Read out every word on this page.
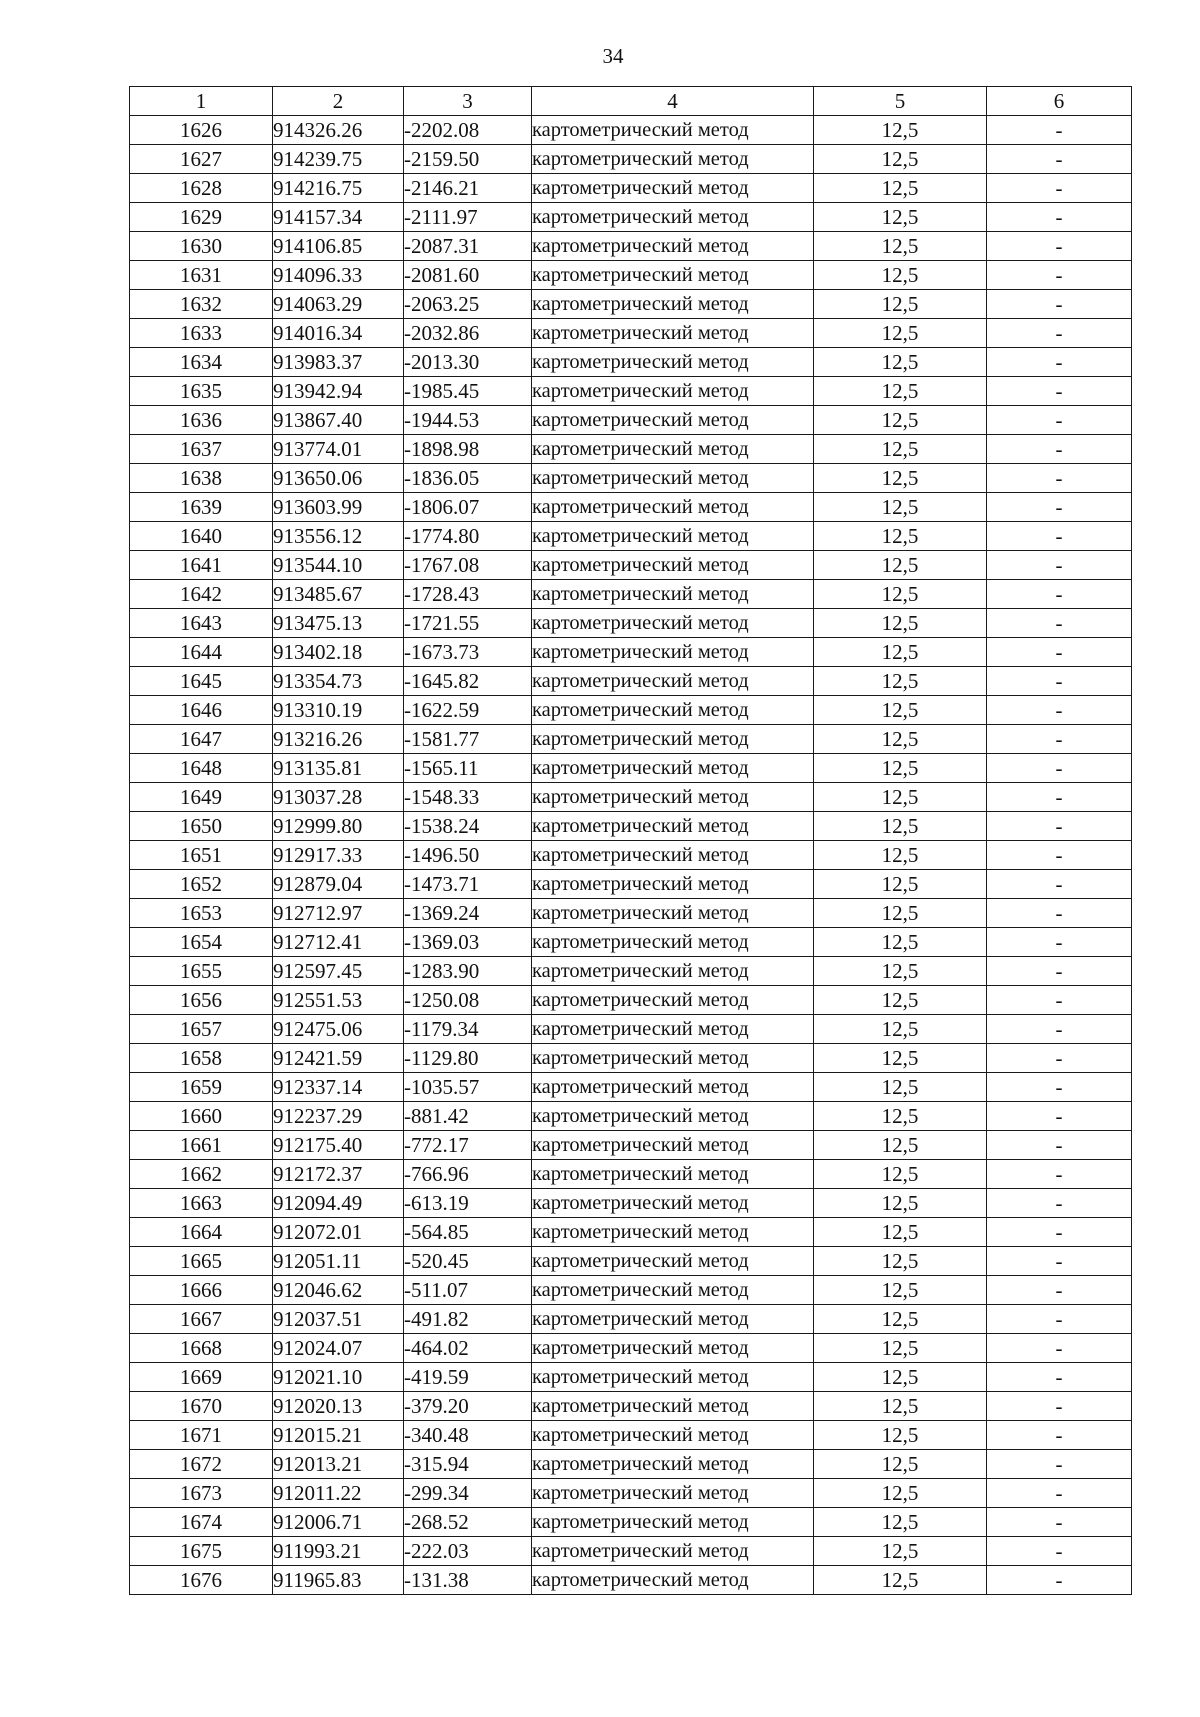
34
1	2	3	4	5	6
1626	914326.26	-2202.08	картометрический метод	12,5	-
1627	914239.75	-2159.50	картометрический метод	12,5	-
1628	914216.75	-2146.21	картометрический метод	12,5	-
1629	914157.34	-2111.97	картометрический метод	12,5	-
1630	914106.85	-2087.31	картометрический метод	12,5	-
1631	914096.33	-2081.60	картометрический метод	12,5	-
1632	914063.29	-2063.25	картометрический метод	12,5	-
1633	914016.34	-2032.86	картометрический метод	12,5	-
1634	913983.37	-2013.30	картометрический метод	12,5	-
1635	913942.94	-1985.45	картометрический метод	12,5	-
1636	913867.40	-1944.53	картометрический метод	12,5	-
1637	913774.01	-1898.98	картометрический метод	12,5	-
1638	913650.06	-1836.05	картометрический метод	12,5	-
1639	913603.99	-1806.07	картометрический метод	12,5	-
1640	913556.12	-1774.80	картометрический метод	12,5	-
1641	913544.10	-1767.08	картометрический метод	12,5	-
1642	913485.67	-1728.43	картометрический метод	12,5	-
1643	913475.13	-1721.55	картометрический метод	12,5	-
1644	913402.18	-1673.73	картометрический метод	12,5	-
1645	913354.73	-1645.82	картометрический метод	12,5	-
1646	913310.19	-1622.59	картометрический метод	12,5	-
1647	913216.26	-1581.77	картометрический метод	12,5	-
1648	913135.81	-1565.11	картометрический метод	12,5	-
1649	913037.28	-1548.33	картометрический метод	12,5	-
1650	912999.80	-1538.24	картометрический метод	12,5	-
1651	912917.33	-1496.50	картометрический метод	12,5	-
1652	912879.04	-1473.71	картометрический метод	12,5	-
1653	912712.97	-1369.24	картометрический метод	12,5	-
1654	912712.41	-1369.03	картометрический метод	12,5	-
1655	912597.45	-1283.90	картометрический метод	12,5	-
1656	912551.53	-1250.08	картометрический метод	12,5	-
1657	912475.06	-1179.34	картометрический метод	12,5	-
1658	912421.59	-1129.80	картометрический метод	12,5	-
1659	912337.14	-1035.57	картометрический метод	12,5	-
1660	912237.29	-881.42	картометрический метод	12,5	-
1661	912175.40	-772.17	картометрический метод	12,5	-
1662	912172.37	-766.96	картометрический метод	12,5	-
1663	912094.49	-613.19	картометрический метод	12,5	-
1664	912072.01	-564.85	картометрический метод	12,5	-
1665	912051.11	-520.45	картометрический метод	12,5	-
1666	912046.62	-511.07	картометрический метод	12,5	-
1667	912037.51	-491.82	картометрический метод	12,5	-
1668	912024.07	-464.02	картометрический метод	12,5	-
1669	912021.10	-419.59	картометрический метод	12,5	-
1670	912020.13	-379.20	картометрический метод	12,5	-
1671	912015.21	-340.48	картометрический метод	12,5	-
1672	912013.21	-315.94	картометрический метод	12,5	-
1673	912011.22	-299.34	картометрический метод	12,5	-
1674	912006.71	-268.52	картометрический метод	12,5	-
1675	911993.21	-222.03	картометрический метод	12,5	-
1676	911965.83	-131.38	картометрический метод	12,5	-
